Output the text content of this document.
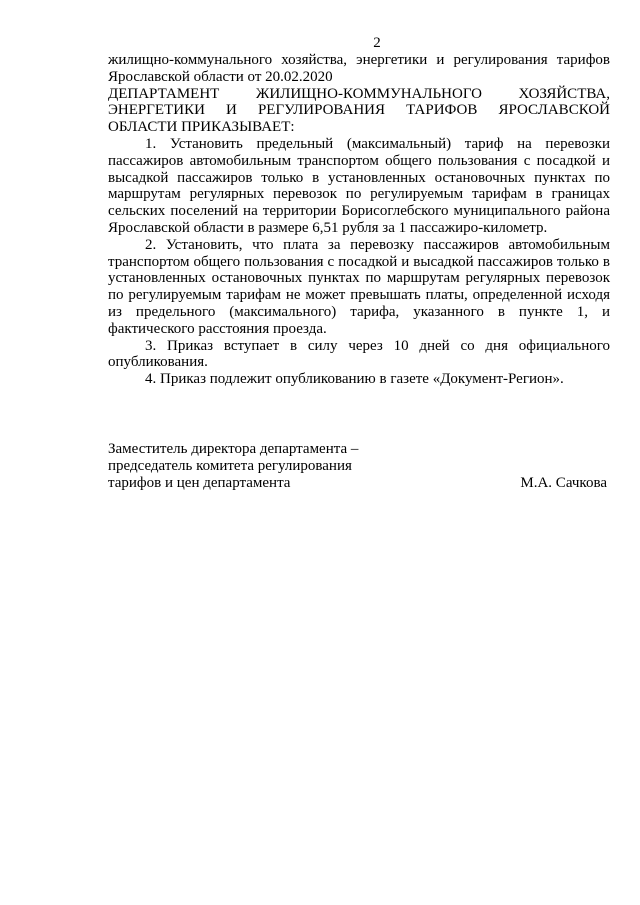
2

жилищно-коммунального хозяйства, энергетики и регулирования тарифов Ярославской области от 20.02.2020

ДЕПАРТАМЕНТ ЖИЛИЩНО-КОММУНАЛЬНОГО ХОЗЯЙСТВА, ЭНЕРГЕТИКИ И РЕГУЛИРОВАНИЯ ТАРИФОВ ЯРОСЛАВСКОЙ ОБЛАСТИ ПРИКАЗЫВАЕТ:

1. Установить предельный (максимальный) тариф на перевозки пассажиров автомобильным транспортом общего пользования с посадкой и высадкой пассажиров только в установленных остановочных пунктах по маршрутам регулярных перевозок по регулируемым тарифам в границах сельских поселений на территории Борисоглебского муниципального района Ярославской области в размере 6,51 рубля за 1 пассажиро-километр.

2. Установить, что плата за перевозку пассажиров автомобильным транспортом общего пользования с посадкой и высадкой пассажиров только в установленных остановочных пунктах по маршрутам регулярных перевозок по регулируемым тарифам не может превышать платы, определенной исходя из предельного (максимального) тарифа, указанного в пункте 1, и фактического расстояния проезда.

3. Приказ вступает в силу через 10 дней со дня официального опубликования.

4. Приказ подлежит опубликованию в газете «Документ-Регион».

Заместитель директора департамента –
председатель комитета регулирования
тарифов и цен департамента	М.А. Сачкова
